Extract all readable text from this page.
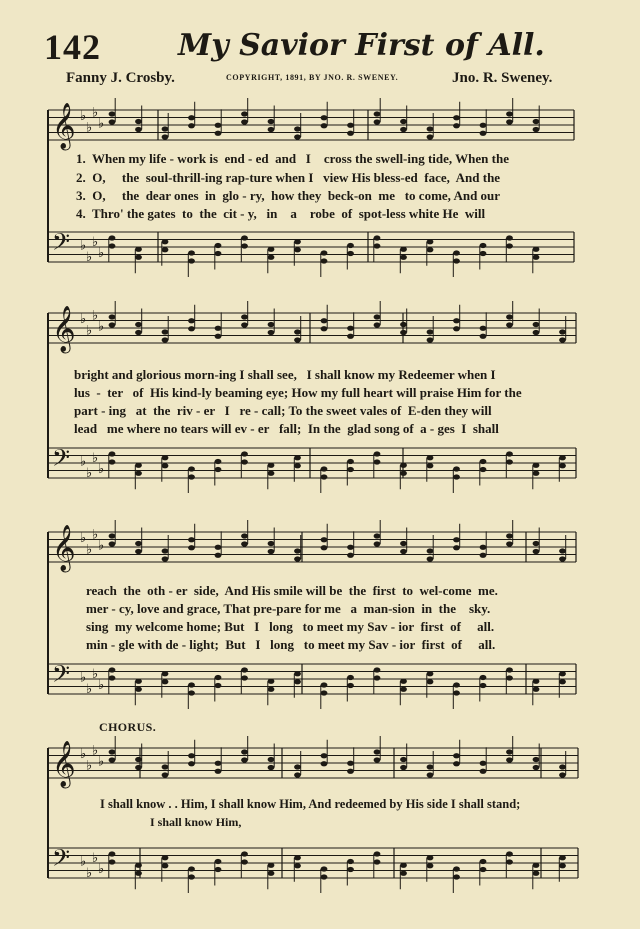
142	My Savior First of All.
Fanny J. Crosby.	COPYRIGHT, 1891, BY JNO. R. SWENEY.	Jno. R. Sweney.
𝄞 ♭
♭
♭
♭
𝄢 ♭
♭
♭
♭
𝄞 ♭
♭
♭
♭
𝄢 ♭
♭
♭
♭
𝄞 ♭
♭
♭
♭
𝄢 ♭
♭
♭
♭
𝄞 ♭
♭
♭
♭
𝄢 ♭
♭
♭
♭
1.  When my life - work is  end - ed  and   I    cross the swell-ing tide, When the
2.  O,     the  soul-thrill-ing rap-ture when I   view His bless-ed  face,  And the
3.  O,     the  dear ones  in  glo - ry,  how they  beck-on  me   to come, And our
4.  Thro' the gates  to  the  cit - y,   in    a    robe  of  spot-less white He  will
bright and glorious morn-ing I shall see,   I shall know my Redeemer when I
lus  -  ter   of  His kind-ly beaming eye; How my full heart will praise Him for the
part - ing   at  the  riv - er   I   re - call; To the sweet vales of  E-den they will
lead   me where no tears will ev - er   fall;  In the  glad song of  a - ges  I  shall
reach  the  oth - er  side,  And His smile will be  the  first  to  wel-come  me.
mer - cy, love and grace, That pre-pare for me   a  man-sion  in  the    sky.
sing  my welcome home; But   I   long   to meet my Sav - ior  first  of     all.
min - gle with de - light;  But   I   long   to meet my Sav - ior  first  of     all.
CHORUS.
I shall know . . Him, I shall know Him, And redeemed by His side I shall stand;
I shall know Him,
